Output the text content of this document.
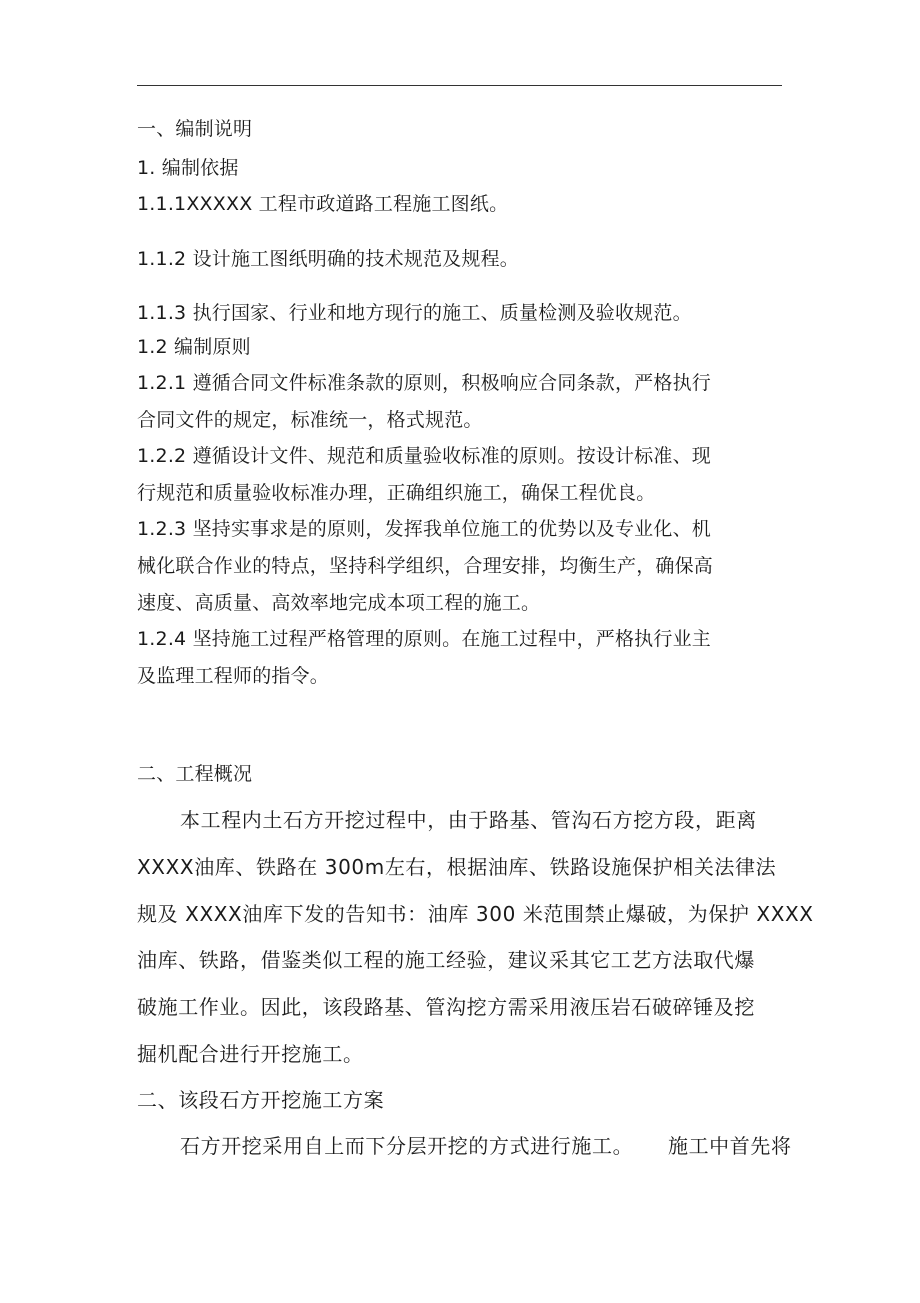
一、编制说明
1. 编制依据
1.1.1XXXXX 工程市政道路工程施工图纸。
1.1.2 设计施工图纸明确的技术规范及规程。
1.1.3 执行国家、行业和地方现行的施工、质量检测及验收规范。
1.2 编制原则
1.2.1 遵循合同文件标准条款的原则，积极响应合同条款，严格执行
合同文件的规定，标准统一，格式规范。
1.2.2 遵循设计文件、规范和质量验收标准的原则。按设计标准、现
行规范和质量验收标准办理，正确组织施工，确保工程优良。
1.2.3 坚持实事求是的原则，发挥我单位施工的优势以及专业化、机
械化联合作业的特点，坚持科学组织，合理安排，均衡生产，确保高
速度、高质量、高效率地完成本项工程的施工。
1.2.4 坚持施工过程严格管理的原则。在施工过程中，严格执行业主
及监理工程师的指令。
二、工程概况
本工程内土石方开挖过程中，由于路基、管沟石方挖方段，距离
XXXX油库、铁路在 300m左右，根据油库、铁路设施保护相关法律法
规及 XXXX油库下发的告知书：油库 300 米范围禁止爆破，为保护 XXXX
油库、铁路，借鉴类似工程的施工经验，建议采其它工艺方法取代爆
破施工作业。因此，该段路基、管沟挖方需采用液压岩石破碎锤及挖
掘机配合进行开挖施工。
二、该段石方开挖施工方案
石方开挖采用自上而下分层开挖的方式进行施工。     施工中首先将
